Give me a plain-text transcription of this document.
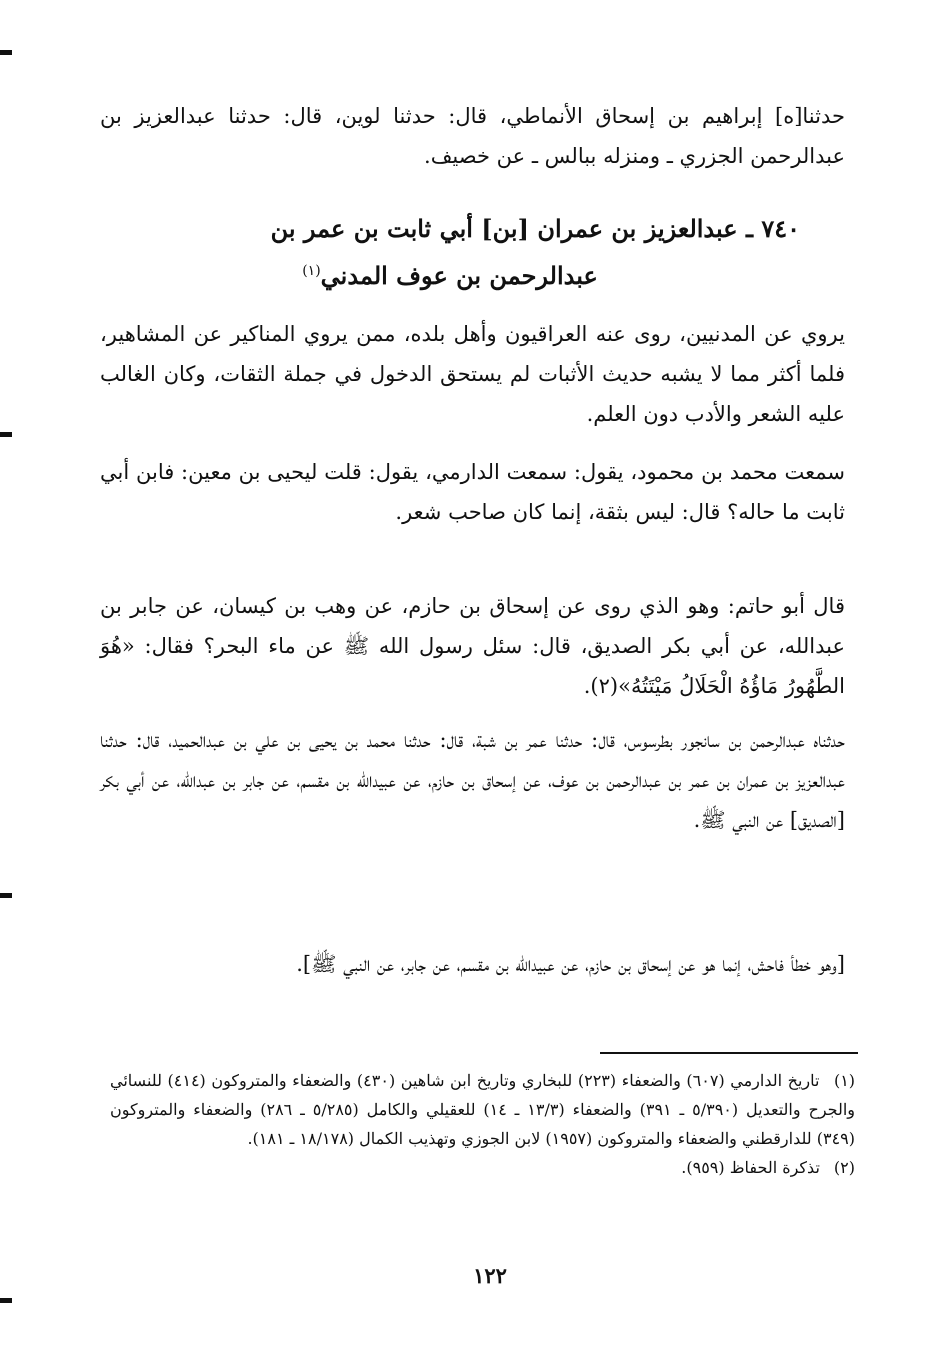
حدثنا[ه] إبراهيم بن إسحاق الأنماطي، قال: حدثنا لوين، قال: حدثنا عبدالعزيز بن عبدالرحمن الجزري ـ ومنزله ببالس ـ عن خصيف.

٧٤٠ ـ عبدالعزيز بن عمران [بن] أبي ثابت بن عمر بن
عبدالرحمن بن عوف المدني$^{(١)}$

يروي عن المدنيين، روى عنه العراقيون وأهل بلده، ممن يروي المناكير عن المشاهير، فلما أكثر مما لا يشبه حديث الأثبات لم يستحق الدخول في جملة الثقات، وكان الغالب عليه الشعر والأدب دون العلم.

سمعت محمد بن محمود، يقول: سمعت الدارمي، يقول: قلت ليحيى بن معين: فابن أبي ثابت ما حاله؟ قال: ليس بثقة، إنما كان صاحب شعر.

قال أبو حاتم: وهو الذي روى عن إسحاق بن حازم، عن وهب بن كيسان، عن جابر بن عبدالله، عن أبي بكر الصديق، قال: سئل رسول الله ﷺ عن ماء البحر؟ فقال: «هُوَ الطَّهُورُ مَاؤُهُ الْحَلَالُ مَيْتَتُهُ»(٢).

حدثناه عبدالرحمن بن سانجور بطرسوس، قال: حدثنا عمر بن شبة، قال: حدثنا محمد بن يحيى بن علي بن عبدالحميد، قال: حدثنا عبدالعزيز بن عمران بن عمر بن عبدالرحمن بن عوف، عن إسحاق بن حازم، عن عبيدالله بن مقسم، عن جابر بن عبدالله، عن أبي بكر [الصديق] عن النبي ﷺ.

[وهو خطأ فاحش، إنما هو عن إسحاق بن حازم، عن عبيدالله بن مقسم، عن جابر، عن النبي ﷺ].

(١) تاريخ الدارمي (٦٠٧) والضعفاء (٢٢٣) للبخاري وتاريخ ابن شاهين (٤٣٠) والضعفاء والمتروكون (٤١٤) للنسائي والجرح والتعديل (٥/٣٩٠ ـ ٣٩١) والضعفاء (١٣/٣ ـ ١٤) للعقيلي والكامل (٥/٢٨٥ ـ ٢٨٦) والضعفاء والمتروكون (٣٤٩) للدارقطني والضعفاء والمتروكون (١٩٥٧) لابن الجوزي وتهذيب الكمال (١٨/١٧٨ ـ ١٨١).
(٢) تذكرة الحفاظ (٩٥٩).
١٢٢
